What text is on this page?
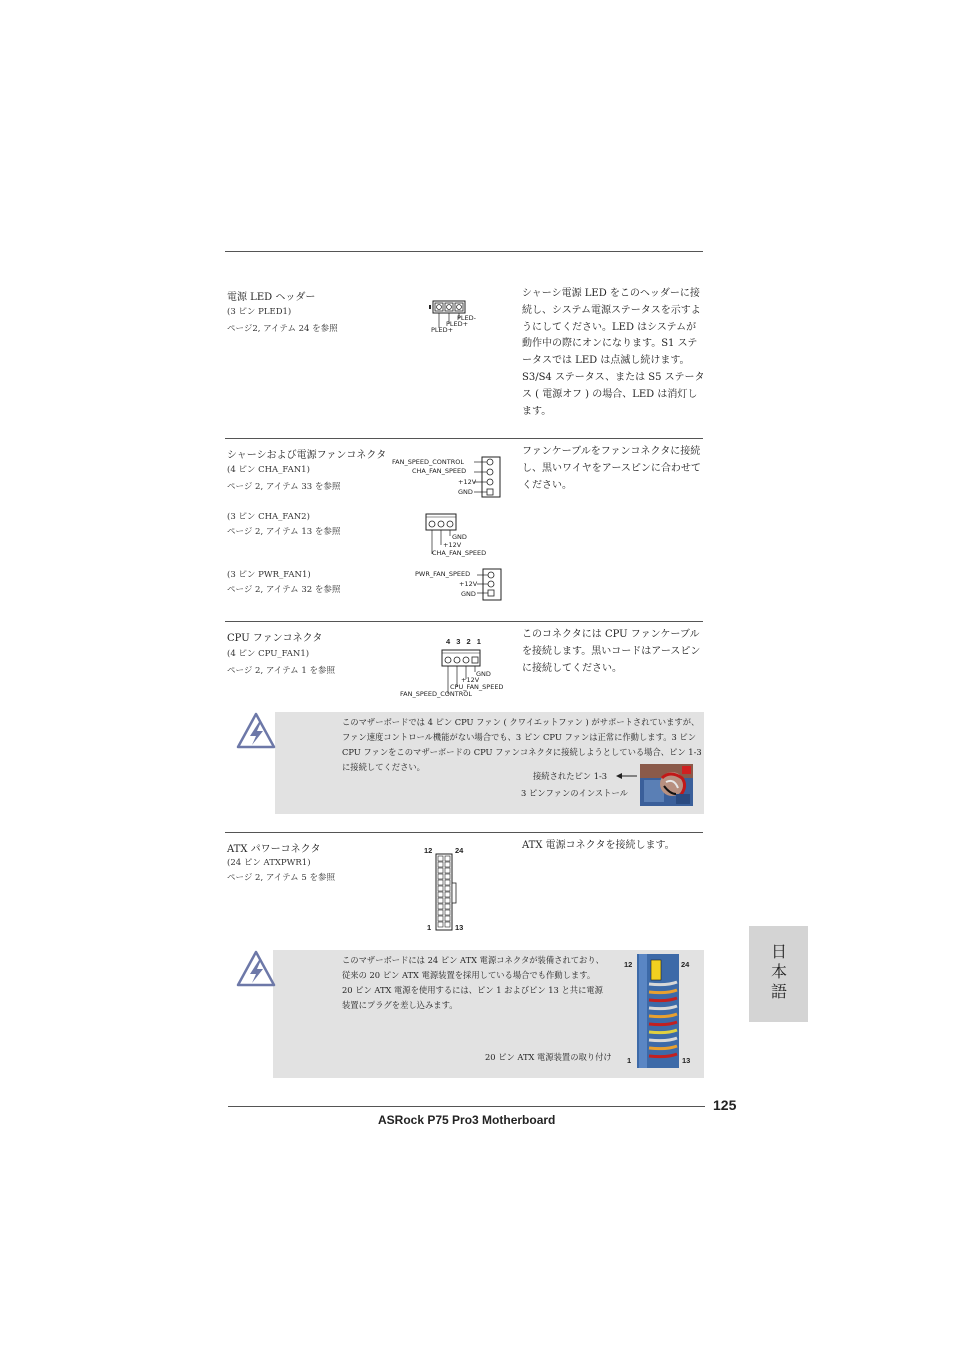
電源 LED ヘッダー
(3 ピン PLED1)
ページ2, アイテム 24 を参照
PLED-
PLED+
PLED+
シャーシ電源 LED をこのヘッダーに接続し、システム電源ステータスを示すようにしてください。LED はシステムが動作中の際にオンになります。S1 ステータスでは LED は点滅し続けます。S3/S4 ステータス、または S5 ステータス ( 電源オフ ) の場合、LED は消灯します。
シャーシおよび電源ファンコネクタ
(4 ピン CHA_FAN1)
ページ 2, アイテム 33 を参照
FAN_SPEED_CONTROL
CHA_FAN_SPEED
+12V
GND
ファンケーブルをファンコネクタに接続し、黒いワイヤをアースピンに合わせてください。
(3 ピン CHA_FAN2)
ページ 2, アイテム 13 を参照	GND
+12V
CHA_FAN_SPEED
(3 ピン PWR_FAN1)
ページ 2, アイテム 32 を参照
PWR_FAN_SPEED
+12V
GND
CPU ファンコネクタ
(4 ピン CPU_FAN1)
ページ 2, アイテム 1 を参照
4 3 2 1
GND
+12V
CPU_FAN_SPEED
FAN_SPEED_CONTROL
このコネクタには CPU ファンケーブルを接続します。黒いコードはアースピンに接続してください。
このマザーボードでは 4 ピン CPU ファン ( クワイエットファン ) がサポートされていますが、ファン速度コントロール機能がない場合でも、3 ピン CPU ファンは正常に作動します。3 ピン CPU ファンをこのマザーボードの CPU ファンコネクタに接続しようとしている場合、ピン 1-3 に接続してください。
接続されたピン 1-3
3 ピンファンのインストール
ATX パワーコネクタ
(24 ピン ATXPWR1)
ページ 2, アイテム 5 を参照
12	24
1	13
ATX 電源コネクタを接続します。
このマザーボードには 24 ピン ATX 電源コネクタが装備されており、従来の 20 ピン ATX 電源装置を採用している場合でも作動します。20 ピン ATX 電源を使用するには、ピン 1 およびピン 13 と共に電源装置にプラグを差し込みます。
20 ピン ATX 電源装置の取り付け
12	24
1	13
日本語
125
ASRock P75 Pro3 Motherboard
